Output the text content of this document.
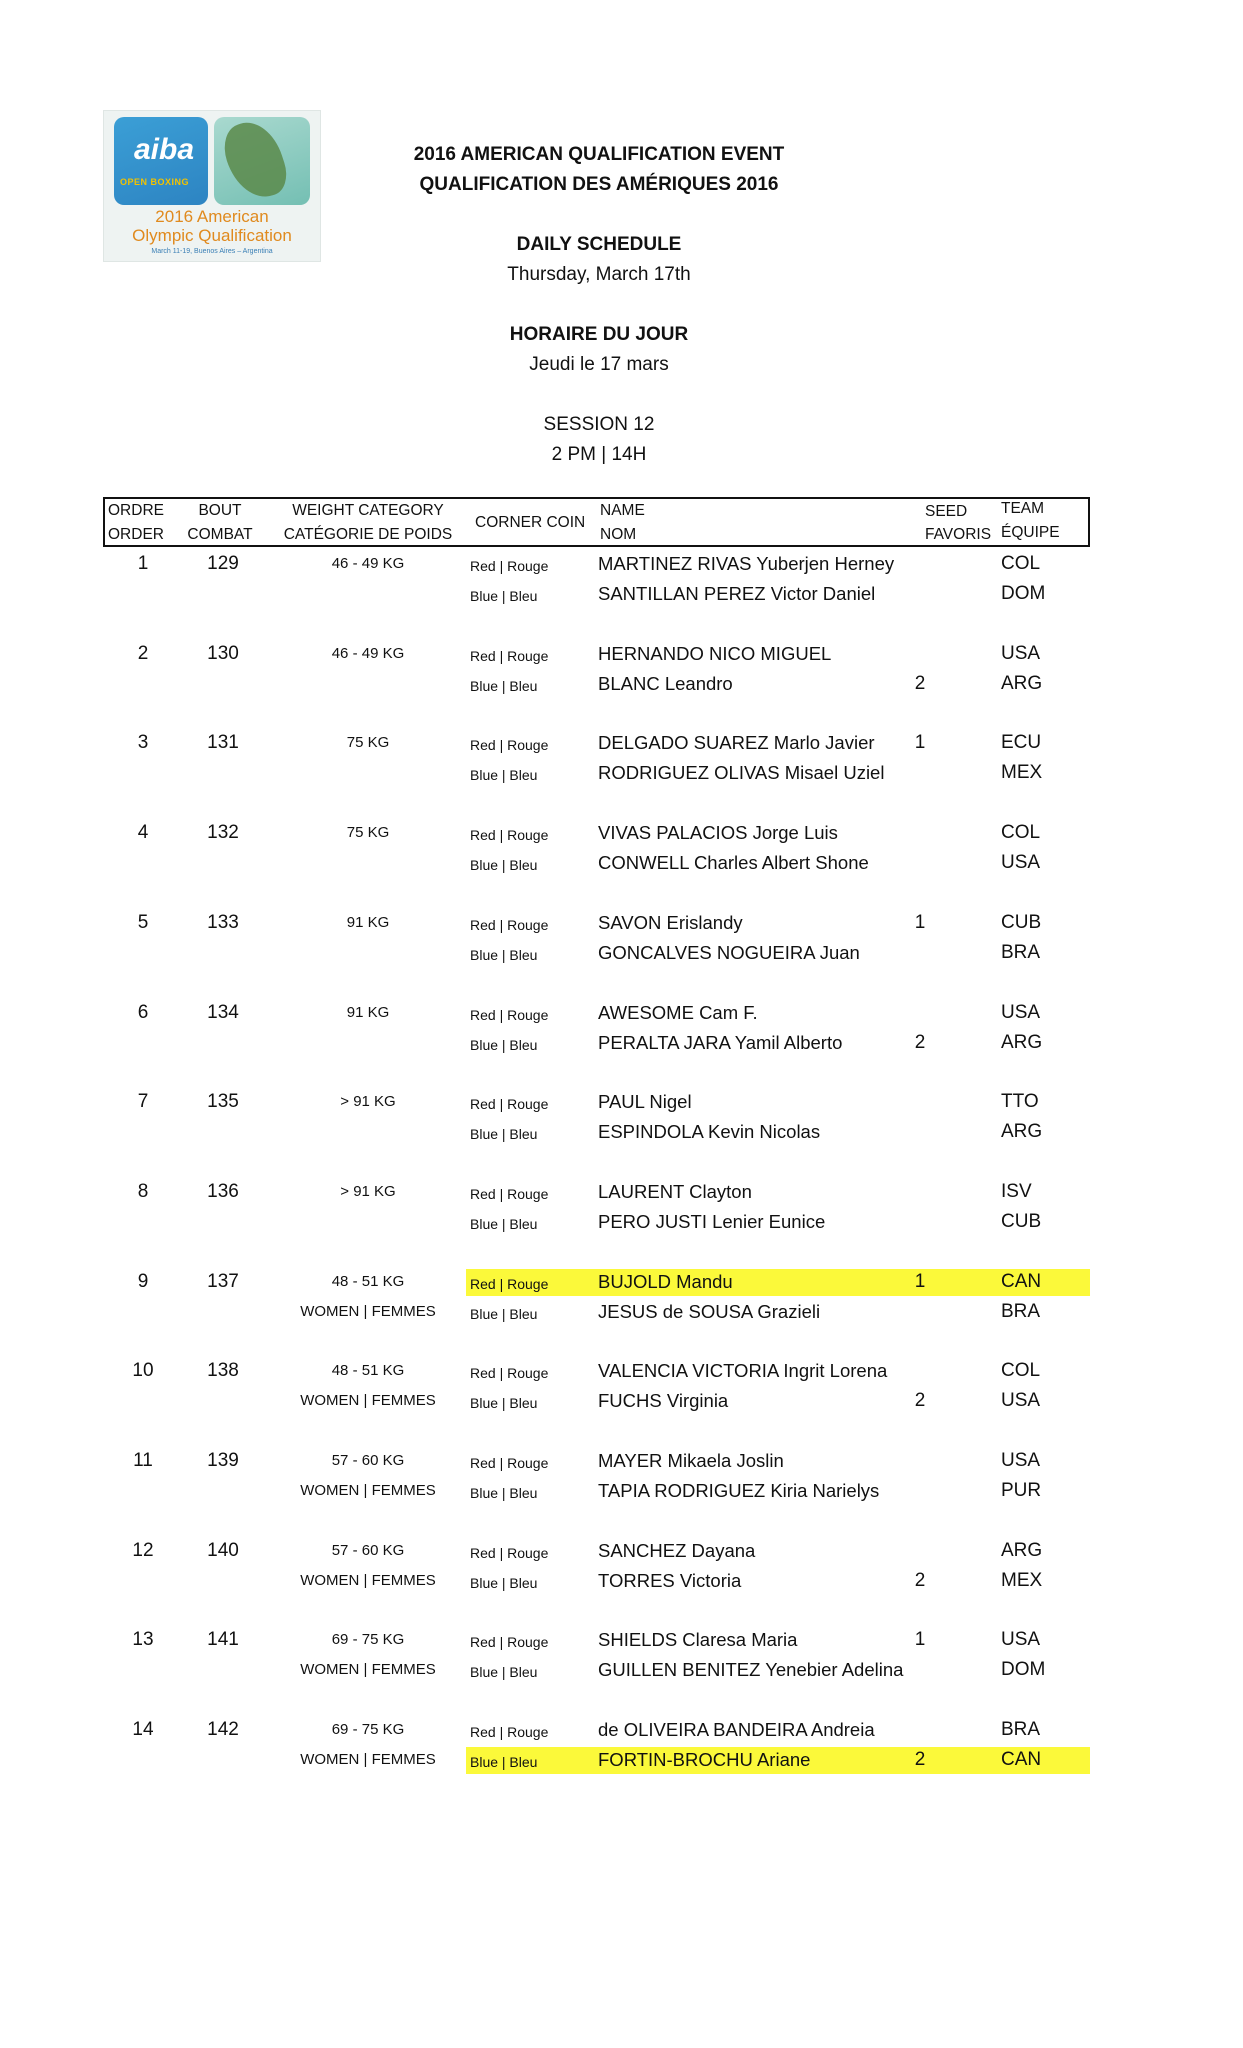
aiba
OPEN BOXING
2016 American
Olympic Qualification
March 11-19, Buenos Aires – Argentina
2016 AMERICAN QUALIFICATION EVENT
QUALIFICATION DES AMÉRIQUES 2016
DAILY SCHEDULE
Thursday, March 17th
HORAIRE DU JOUR
Jeudi le 17 mars
SESSION 12
2 PM | 14H
ORDRE
ORDER
BOUT
COMBAT
WEIGHT CATEGORY
CATÉGORIE DE POIDS
CORNER COIN
NAME
NOM
SEED
FAVORIS
TEAM
ÉQUIPE
1	129	46 - 49 KG	Red | Rouge	MARTINEZ RIVAS Yuberjen Herney	COL
Blue | Bleu	SANTILLAN PEREZ Victor Daniel	DOM
2	130	46 - 49 KG	Red | Rouge	HERNANDO NICO MIGUEL	USA
Blue | Bleu	BLANC Leandro	2	ARG
3	131	75 KG	Red | Rouge	DELGADO SUAREZ Marlo Javier	1	ECU
Blue | Bleu	RODRIGUEZ OLIVAS Misael Uziel	MEX
4	132	75 KG	Red | Rouge	VIVAS PALACIOS Jorge Luis	COL
Blue | Bleu	CONWELL Charles Albert Shone	USA
5	133	91 KG	Red | Rouge	SAVON Erislandy	1	CUB
Blue | Bleu	GONCALVES NOGUEIRA Juan	BRA
6	134	91 KG	Red | Rouge	AWESOME Cam F.	USA
Blue | Bleu	PERALTA JARA Yamil Alberto	2	ARG
7	135	> 91 KG	Red | Rouge	PAUL Nigel	TTO
Blue | Bleu	ESPINDOLA Kevin Nicolas	ARG
8	136	> 91 KG	Red | Rouge	LAURENT Clayton	ISV
Blue | Bleu	PERO JUSTI Lenier Eunice	CUB
9	137	48 - 51 KG
WOMEN | FEMMES
Red | Rouge	BUJOLD Mandu	1	CAN
Blue | Bleu	JESUS de SOUSA Grazieli	BRA
10	138	48 - 51 KG
WOMEN | FEMMES
Red | Rouge	VALENCIA VICTORIA Ingrit Lorena	COL
Blue | Bleu	FUCHS Virginia	2	USA
11	139	57 - 60 KG
WOMEN | FEMMES
Red | Rouge	MAYER Mikaela Joslin	USA
Blue | Bleu	TAPIA RODRIGUEZ Kiria Narielys	PUR
12	140	57 - 60 KG
WOMEN | FEMMES
Red | Rouge	SANCHEZ Dayana	ARG
Blue | Bleu	TORRES Victoria	2	MEX
13	141	69 - 75 KG
WOMEN | FEMMES
Red | Rouge	SHIELDS Claresa Maria	1	USA
Blue | Bleu	GUILLEN BENITEZ Yenebier Adelina	DOM
14	142	69 - 75 KG
WOMEN | FEMMES
Red | Rouge	de OLIVEIRA BANDEIRA Andreia	BRA
Blue | Bleu	FORTIN-BROCHU Ariane	2	CAN
